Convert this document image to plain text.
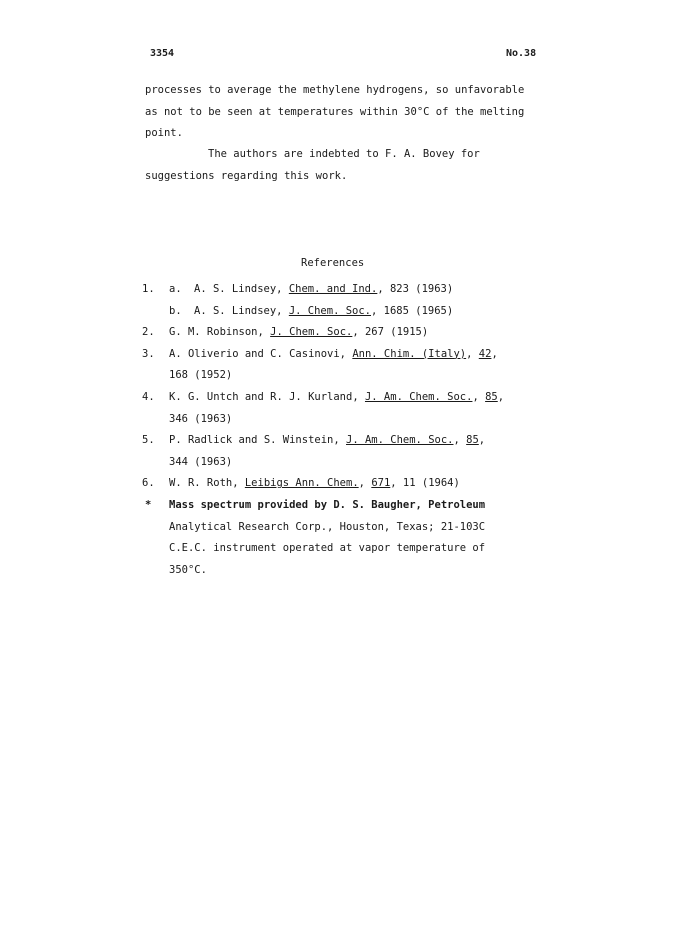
3354	No.38
processes to average the methylene hydrogens, so unfavorable
as not to be seen at temperatures within 30°C of the melting
point.
The authors are indebted to F. A. Bovey for
suggestions regarding this work.
References
1. a. A. S. Lindsey, Chem. and Ind., 823 (1963)
b. A. S. Lindsey, J. Chem. Soc., 1685 (1965)
2. G. M. Robinson, J. Chem. Soc., 267 (1915)
3. A. Oliverio and C. Casinovi, Ann. Chim. (Italy), 42,
168 (1952)
4. K. G. Untch and R. J. Kurland, J. Am. Chem. Soc., 85,
346 (1963)
5. P. Radlick and S. Winstein, J. Am. Chem. Soc., 85,
344 (1963)
6. W. R. Roth, Leibigs Ann. Chem., 671, 11 (1964)
* Mass spectrum provided by D. S. Baugher, Petroleum
Analytical Research Corp., Houston, Texas; 21-103C
C.E.C. instrument operated at vapor temperature of
350°C.
